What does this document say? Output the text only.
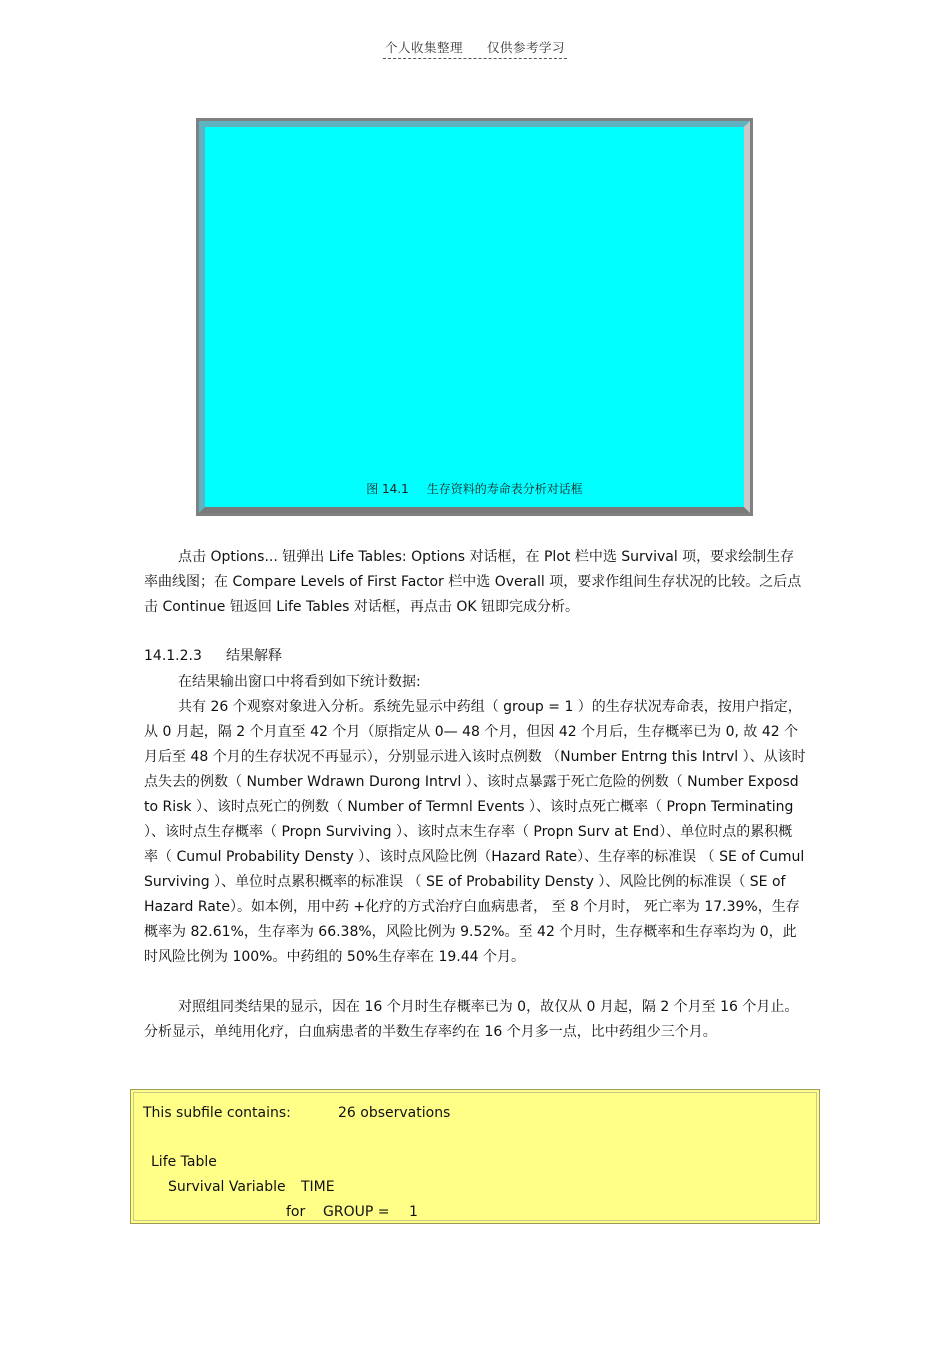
个人收集整理 仅供参考学习
图 14.1 生存资料的寿命表分析对话框
点击 Options... 钮弹出 Life Tables: Options 对话框，在 Plot 栏中选 Survival 项，要求绘制生存率曲线图；在 Compare Levels of First Factor 栏中选 Overall 项，要求作组间生存状况的比较。之后点击 Continue 钮返回 Life Tables 对话框，再点击 OK 钮即完成分析。
14.1.2.3 结果解释
在结果输出窗口中将看到如下统计数据:
共有 26 个观察对象进入分析。系统先显示中药组（ group = 1 ）的生存状况寿命表，按用户指定，从 0 月起，隔 2 个月直至 42 个月（原指定从 0— 48 个月，但因 42 个月后，生存概率已为 0, 故 42 个月后至 48 个月的生存状况不再显示），分别显示进入该时点例数 （Number Entrng this Intrvl ）、从该时点失去的例数（ Number Wdrawn Durong Intrvl ）、该时点暴露于死亡危险的例数（ Number Exposd to Risk ）、该时点死亡的例数（ Number of Termnl Events ）、该时点死亡概率（ Propn Terminating ）、该时点生存概率（ Propn Surviving ）、该时点末生存率（ Propn Surv at End）、单位时点的累积概率（ Cumul Probability Densty ）、该时点风险比例（Hazard Rate）、生存率的标准误 （ SE of Cumul Surviving ）、单位时点累积概率的标准误 （ SE of Probability Densty ）、风险比例的标准误（ SE of Hazard Rate）。如本例，用中药 +化疗的方式治疗白血病患者， 至 8 个月时， 死亡率为 17.39%，生存概率为 82.61%，生存率为 66.38%，风险比例为 9.52%。至 42 个月时，生存概率和生存率均为 0，此时风险比例为 100%。中药组的 50%生存率在 19.44 个月。
对照组同类结果的显示，因在 16 个月时生存概率已为 0，故仅从 0 月起，隔 2 个月至 16 个月止。分析显示，单纯用化疗，白血病患者的半数生存率约在 16 个月多一点，比中药组少三个月。
This subfile contains:	26 observations
Life Table
Survival Variable TIME
for GROUP = 1
